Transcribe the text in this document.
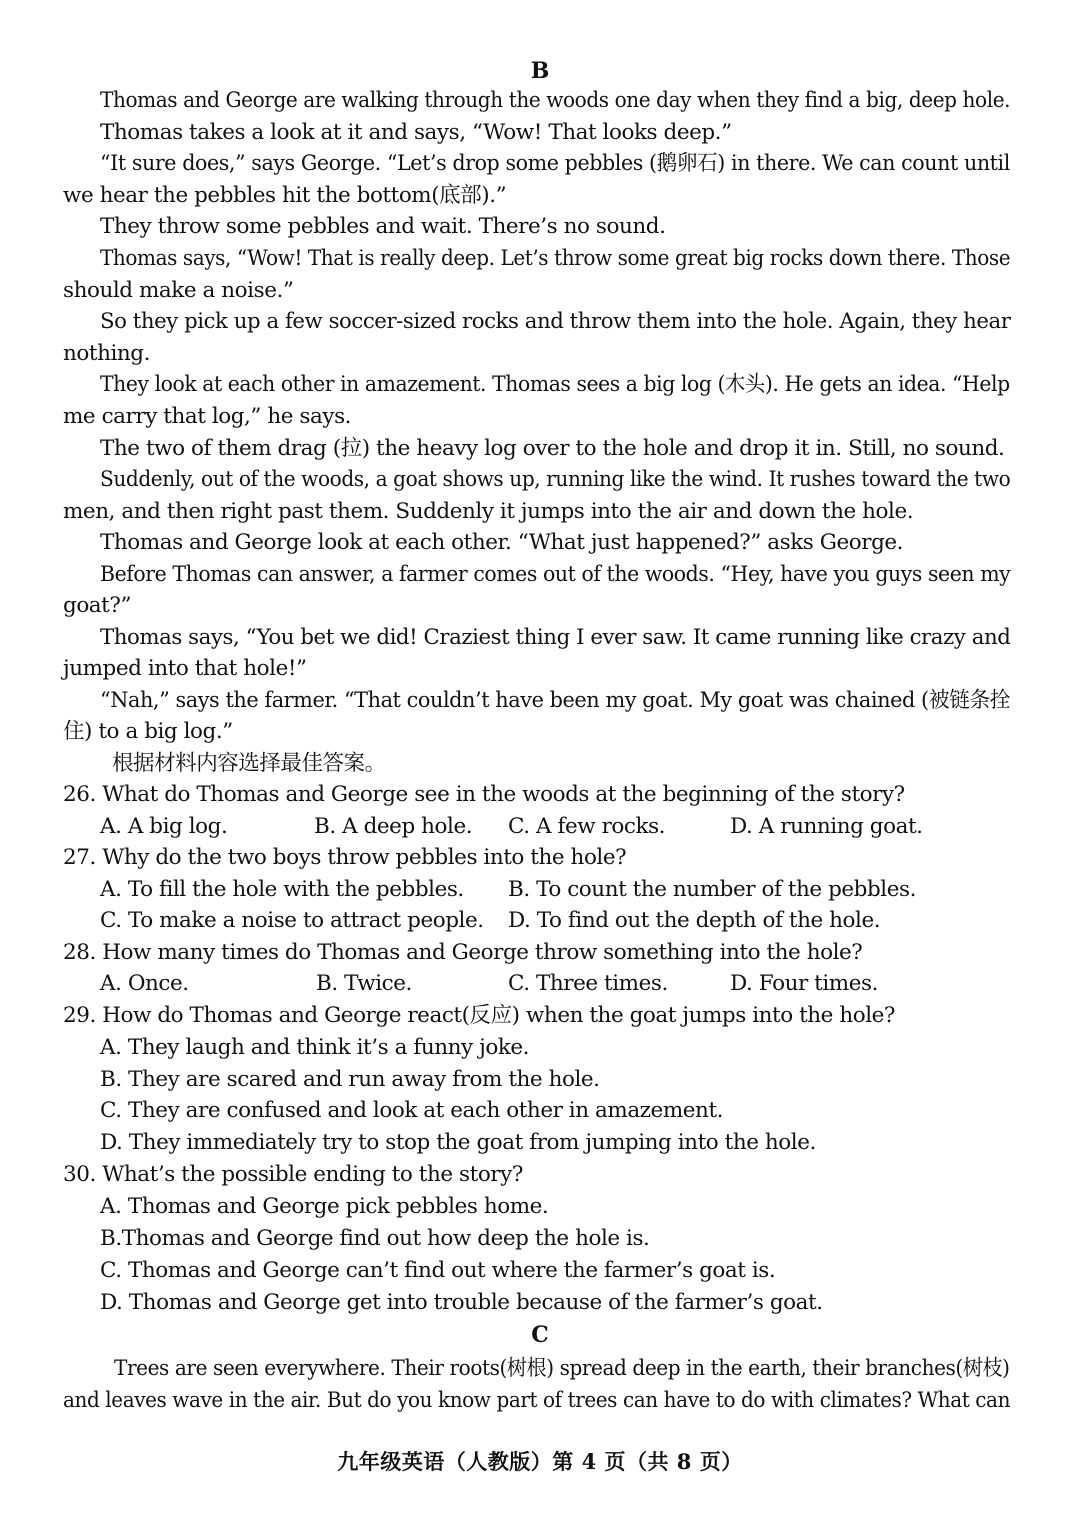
B
Thomas and George are walking through the woods one day when they find a big, deep hole.
Thomas takes a look at it and says, “Wow! That looks deep.”
“It sure does,” says George. “Let’s drop some pebbles (鹅卵石) in there. We can count until
we hear the pebbles hit the bottom(底部).”
They throw some pebbles and wait. There’s no sound.
Thomas says, “Wow! That is really deep. Let’s throw some great big rocks down there. Those
should make a noise.”
So they pick up a few soccer-sized rocks and throw them into the hole. Again, they hear
nothing.
They look at each other in amazement. Thomas sees a big log (木头). He gets an idea. “Help
me carry that log,” he says.
The two of them drag (拉) the heavy log over to the hole and drop it in. Still, no sound.
Suddenly, out of the woods, a goat shows up, running like the wind. It rushes toward the two
men, and then right past them. Suddenly it jumps into the air and down the hole.
Thomas and George look at each other. “What just happened?” asks George.
Before Thomas can answer, a farmer comes out of the woods. “Hey, have you guys seen my
goat?”
Thomas says, “You bet we did! Craziest thing I ever saw. It came running like crazy and
jumped into that hole!”
“Nah,” says the farmer. “That couldn’t have been my goat. My goat was chained (被链条拴
住) to a big log.”
根据材料内容选择最佳答案。
26. What do Thomas and George see in the woods at the beginning of the story?
A. A big log.	B. A deep hole. C. A few rocks.	D. A running goat.
27. Why do the two boys throw pebbles into the hole?
A. To fill the hole with the pebbles. B. To count the number of the pebbles.
C. To make a noise to attract people. D. To find out the depth of the hole.
28. How many times do Thomas and George throw something into the hole?
A. Once.	B. Twice.	C. Three times.	D. Four times.
29. How do Thomas and George react(反应) when the goat jumps into the hole?
A. They laugh and think it’s a funny joke.
B. They are scared and run away from the hole.
C. They are confused and look at each other in amazement.
D. They immediately try to stop the goat from jumping into the hole.
30. What’s the possible ending to the story?
A. Thomas and George pick pebbles home.
B.Thomas and George find out how deep the hole is.
C. Thomas and George can’t find out where the farmer’s goat is.
D. Thomas and George get into trouble because of the farmer’s goat.
C
Trees are seen everywhere. Their roots(树根) spread deep in the earth, their branches(树枝)
and leaves wave in the air. But do you know part of trees can have to do with climates? What can
九年级英语（人教版）第 4 页（共 8 页）
